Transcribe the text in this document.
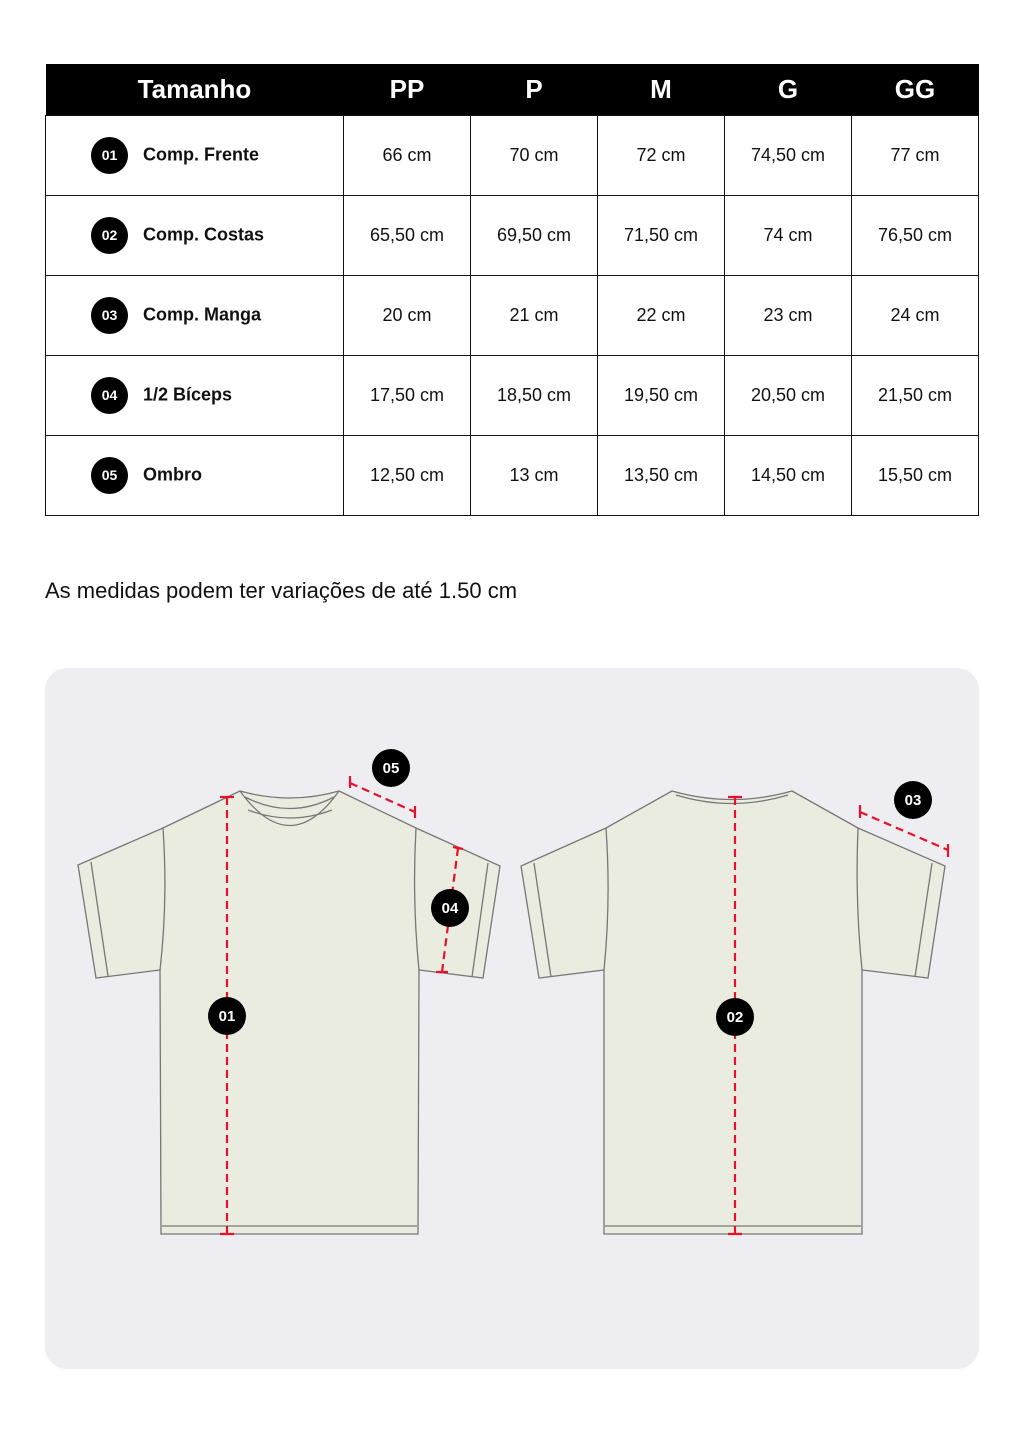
Tamanho	PP	P	M	G	GG
01 Comp. Frente	66 cm	70 cm	72 cm	74,50 cm	77 cm
02 Comp. Costas	65,50 cm	69,50 cm	71,50 cm	74 cm	76,50 cm
03 Comp. Manga	20 cm	21 cm	22 cm	23 cm	24 cm
04 1/2 Bíceps	17,50 cm	18,50 cm	19,50 cm	20,50 cm	21,50 cm
05 Ombro	12,50 cm	13 cm	13,50 cm	14,50 cm	15,50 cm
As medidas podem ter variações de até 1.50 cm
01	02
03
04
05
